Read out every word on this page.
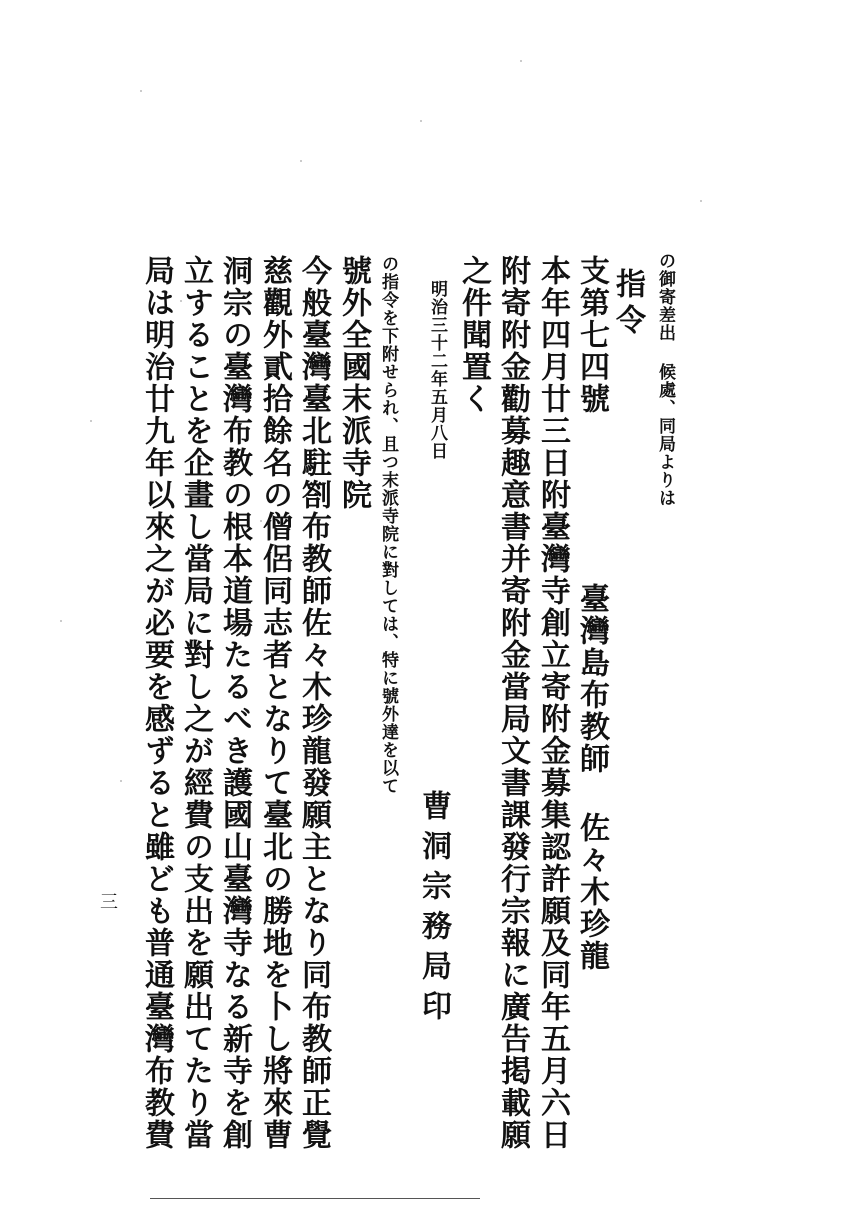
の御寄差出 候處、同局よりは
指令
臺灣島布教師 佐々木珍龍
支第七四號
本年四月廿三日附臺灣寺創立寄附金募集認許願及同年五月六日
附寄附金勸募趣意書并寄附金當局文書課發行宗報に廣告掲載願
之件聞置く
曹洞宗務局印
明治三十二年五月八日
の指令を下附せられ、且つ末派寺院に對しては、特に號外達を以て
號外全國末派寺院
今般臺灣臺北駐劄布教師佐々木珍龍發願主となり同布教師正覺
慈觀外貳拾餘名の僧侶同志者となりて臺北の勝地を卜し將來曹
洞宗の臺灣布教の根本道場たるべき護國山臺灣寺なる新寺を創
立することを企畫し當局に對し之が經費の支出を願出てたり當
局は明治廿九年以來之が必要を感ずると雖ども普通臺灣布教費
三
